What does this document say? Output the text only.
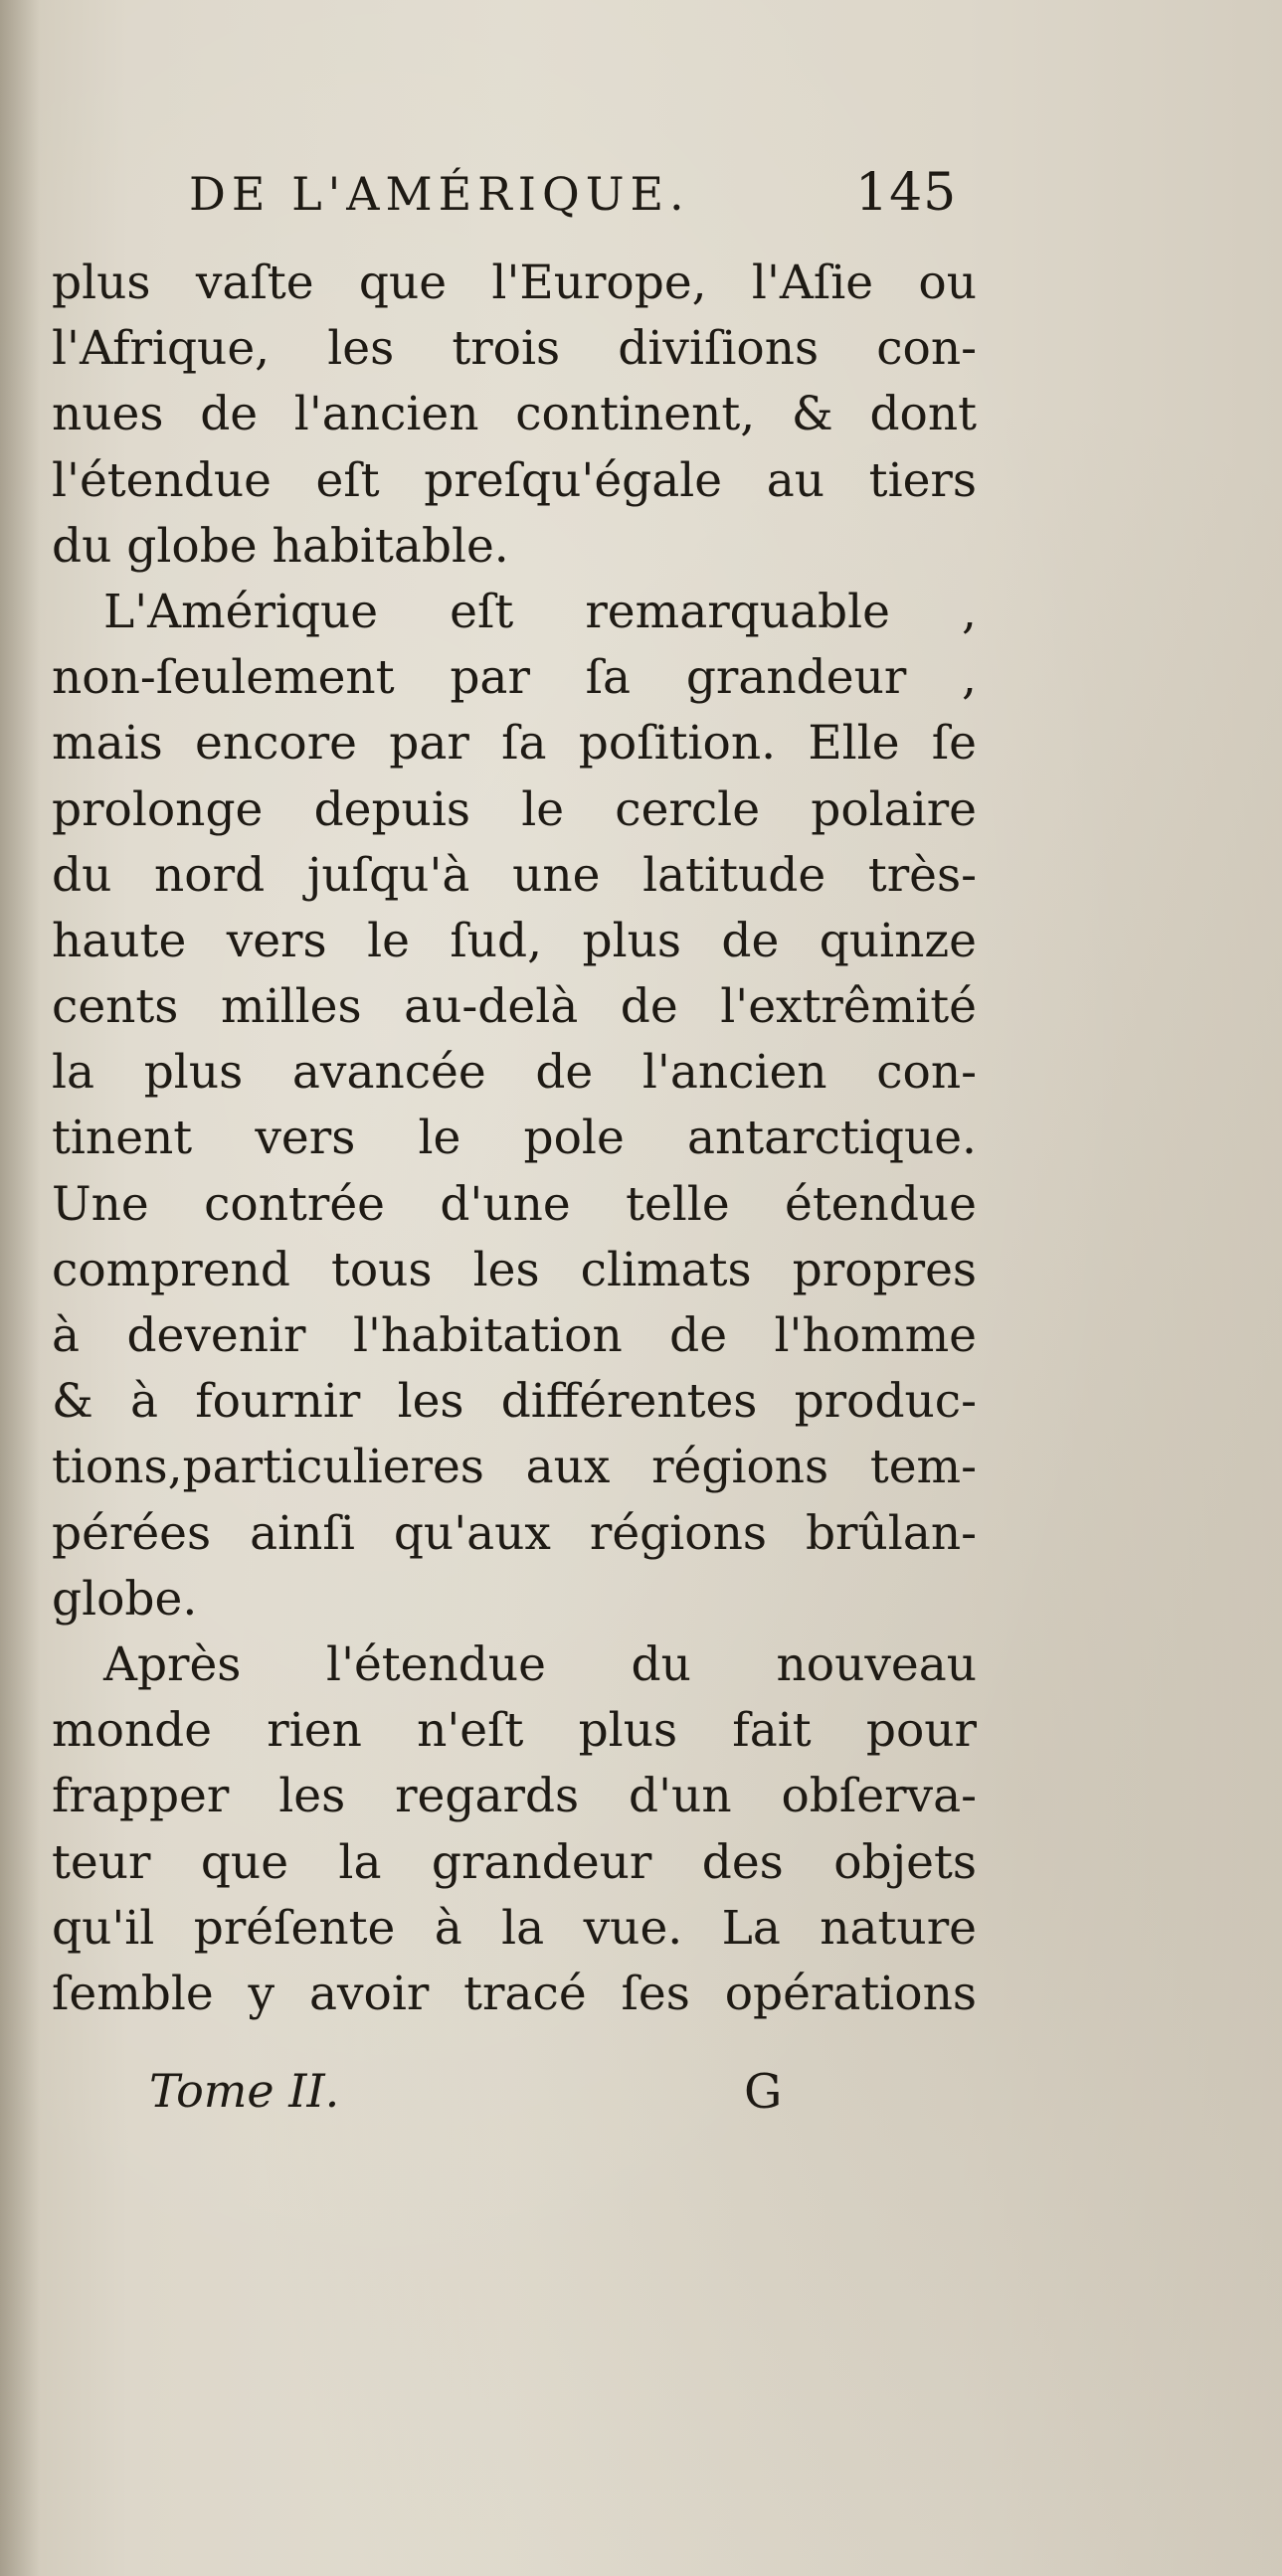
DE L'AMÉRIQUE.	145
plus vaſte que l'Europe, l'Aſie ou
l'Afrique, les trois diviſions con-
nues de l'ancien continent, & dont
l'étendue eſt preſqu'égale au tiers
du globe habitable.
L'Amérique eſt remarquable ,
non-ſeulement par ſa grandeur ,
mais encore par ſa poſition. Elle ſe
prolonge depuis le cercle polaire
du nord juſqu'à une latitude très-
haute vers le ſud, plus de quinze
cents milles au-delà de l'extrêmité
la plus avancée de l'ancien con-
tinent vers le pole antarctique.
Une contrée d'une telle étendue
comprend tous les climats propres
à devenir l'habitation de l'homme
& à fournir les différentes produc-
tions,particulieres aux régions tem-
pérées ainſi qu'aux régions brûlan-
globe.
Après l'étendue du nouveau
monde rien n'eſt plus fait pour
frapper les regards d'un obſerva-
teur que la grandeur des objets
qu'il préſente à la vue. La nature
ſemble y avoir tracé ſes opérations
Tome II.	G
